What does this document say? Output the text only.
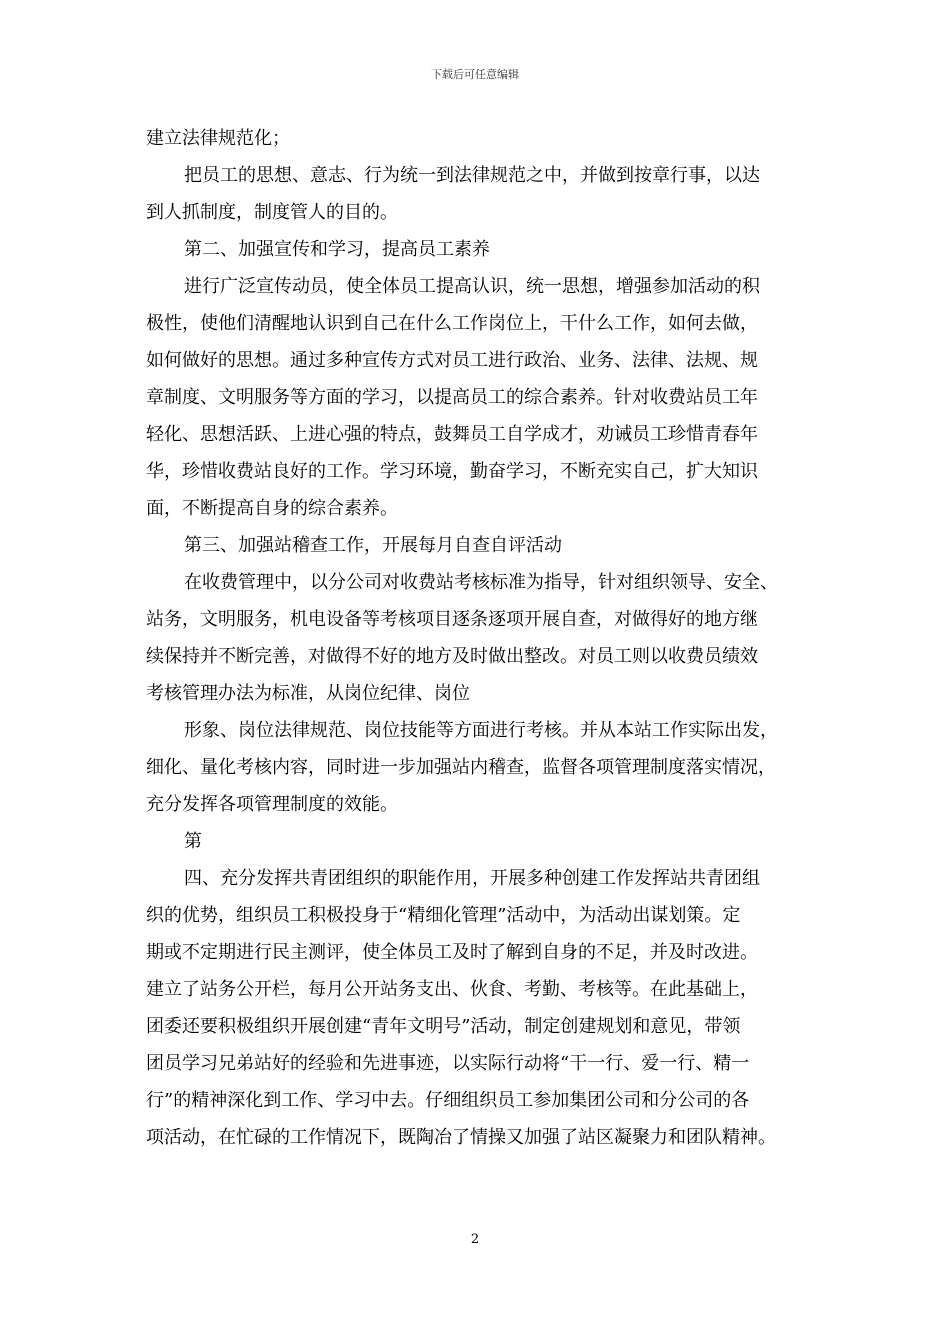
下载后可任意编辑
建立法律规范化；
把员工的思想、意志、行为统一到法律规范之中，并做到按章行事，以达
到人抓制度，制度管人的目的。
第二、加强宣传和学习，提高员工素养
进行广泛宣传动员，使全体员工提高认识，统一思想，增强参加活动的积
极性，使他们清醒地认识到自己在什么工作岗位上，干什么工作，如何去做，
如何做好的思想。通过多种宣传方式对员工进行政治、业务、法律、法规、规
章制度、文明服务等方面的学习，以提高员工的综合素养。针对收费站员工年
轻化、思想活跃、上进心强的特点，鼓舞员工自学成才，劝诫员工珍惜青春年
华，珍惜收费站良好的工作。学习环境，勤奋学习，不断充实自己，扩大知识
面，不断提高自身的综合素养。
第三、加强站稽查工作，开展每月自查自评活动
在收费管理中，以分公司对收费站考核标准为指导，针对组织领导、安全、
站务，文明服务，机电设备等考核项目逐条逐项开展自查，对做得好的地方继
续保持并不断完善，对做得不好的地方及时做出整改。对员工则以收费员绩效
考核管理办法为标准，从岗位纪律、岗位
形象、岗位法律规范、岗位技能等方面进行考核。并从本站工作实际出发，
细化、量化考核内容，同时进一步加强站内稽查，监督各项管理制度落实情况，
充分发挥各项管理制度的效能。
第
四、充分发挥共青团组织的职能作用，开展多种创建工作发挥站共青团组
织的优势，组织员工积极投身于“精细化管理”活动中，为活动出谋划策。定
期或不定期进行民主测评，使全体员工及时了解到自身的不足，并及时改进。
建立了站务公开栏，每月公开站务支出、伙食、考勤、考核等。在此基础上，
团委还要积极组织开展创建“青年文明号”活动，制定创建规划和意见，带领
团员学习兄弟站好的经验和先进事迹，以实际行动将“干一行、爱一行、精一
行”的精神深化到工作、学习中去。仔细组织员工参加集团公司和分公司的各
项活动，在忙碌的工作情况下，既陶冶了情操又加强了站区凝聚力和团队精神。
2
